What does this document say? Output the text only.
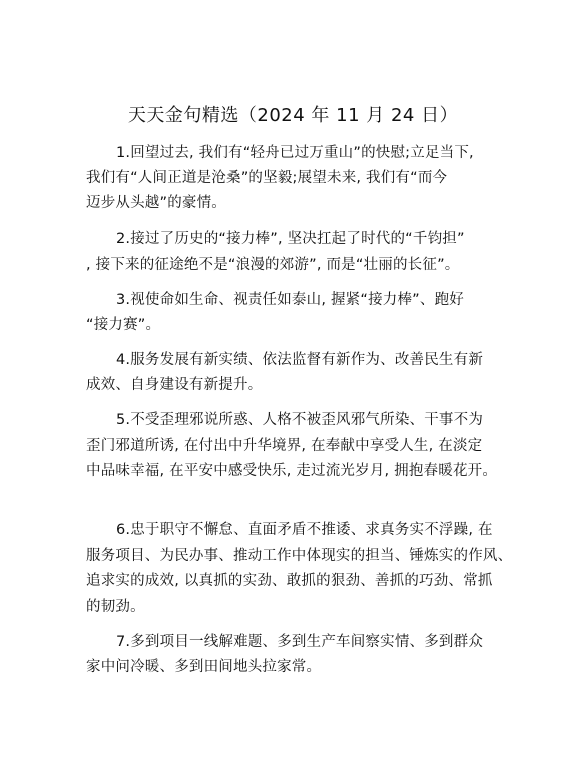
天天金句精选（2024 年 11 月 24 日）
1.回望过去, 我们有“轻舟已过万重山”的快慰;立足当下,
我们有“人间正道是沧桑”的坚毅;展望未来, 我们有“而今
迈步从头越”的豪情。
2.接过了历史的“接力棒”, 坚决扛起了时代的“千钧担”
, 接下来的征途绝不是“浪漫的郊游”, 而是“壮丽的长征”。
3.视使命如生命、视责任如泰山, 握紧“接力棒”、跑好
“接力赛”。
4.服务发展有新实绩、依法监督有新作为、改善民生有新
成效、自身建设有新提升。
5.不受歪理邪说所惑、人格不被歪风邪气所染、干事不为
歪门邪道所诱, 在付出中升华境界, 在奉献中享受人生, 在淡定
中品味幸福, 在平安中感受快乐, 走过流光岁月, 拥抱春暖花开。
6.忠于职守不懈怠、直面矛盾不推诿、求真务实不浮躁, 在
服务项目、为民办事、推动工作中体现实的担当、锤炼实的作风、
追求实的成效, 以真抓的实劲、敢抓的狠劲、善抓的巧劲、常抓
的韧劲。
7.多到项目一线解难题、多到生产车间察实情、多到群众
家中问冷暖、多到田间地头拉家常。
